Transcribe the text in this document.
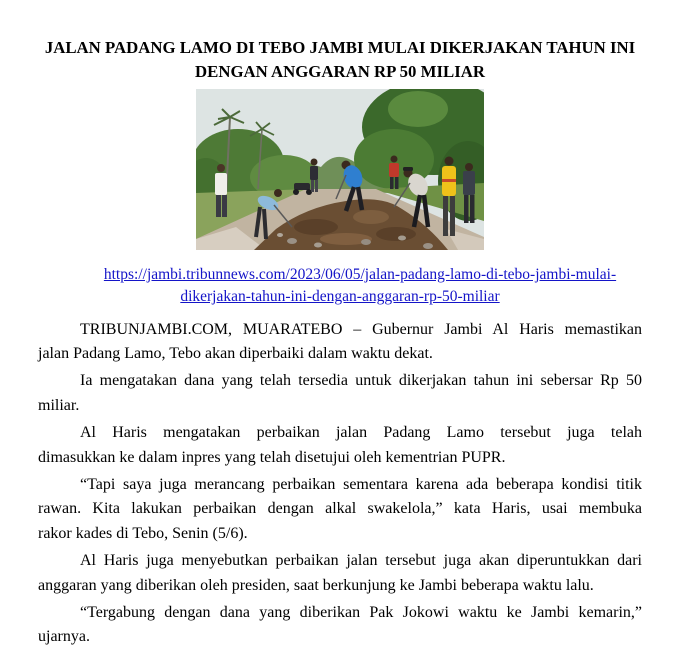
JALAN PADANG LAMO DI TEBO JAMBI MULAI DIKERJAKAN TAHUN INI
DENGAN ANGGARAN RP 50 MILIAR
https://jambi.tribunnews.com/2023/06/05/jalan-padang-lamo-di-tebo-jambi-mulai-
dikerjakan-tahun-ini-dengan-anggaran-rp-50-miliar
TRIBUNJAMBI.COM, MUARATEBO – Gubernur Jambi Al Haris memastikan
jalan Padang Lamo, Tebo akan diperbaiki dalam waktu dekat.
Ia mengatakan dana yang telah tersedia untuk dikerjakan tahun ini sebersar Rp 50
miliar.
Al Haris mengatakan perbaikan jalan Padang Lamo tersebut juga telah
dimasukkan ke dalam inpres yang telah disetujui oleh kementrian PUPR.
“Tapi saya juga merancang perbaikan sementara karena ada beberapa kondisi titik
rawan. Kita lakukan perbaikan dengan alkal swakelola,” kata Haris, usai membuka
rakor kades di Tebo, Senin (5/6).
Al Haris juga menyebutkan perbaikan jalan tersebut juga akan diperuntukkan dari
anggaran yang diberikan oleh presiden, saat berkunjung ke Jambi beberapa waktu lalu.
“Tergabung dengan dana yang diberikan Pak Jokowi waktu ke Jambi kemarin,”
ujarnya.
